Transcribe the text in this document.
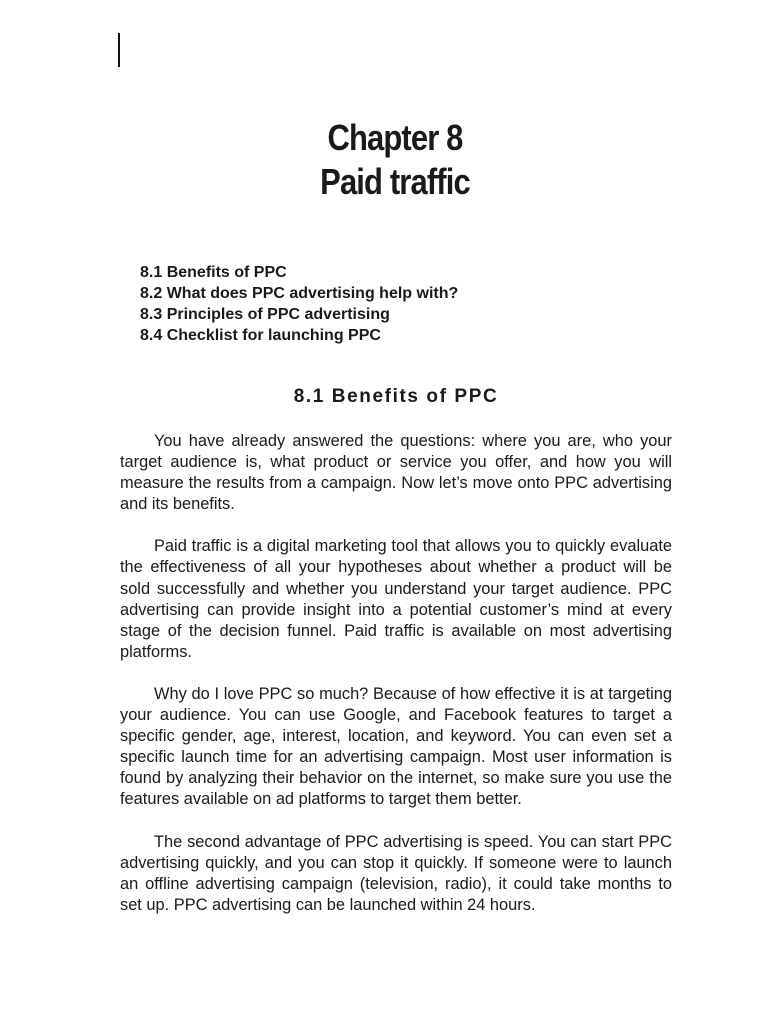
Chapter 8
Paid traffic
8.1 Benefits of PPC
8.2 What does PPC advertising help with?
8.3 Principles of PPC advertising
8.4 Checklist for launching PPC
8.1 Benefits of PPC

You have already answered the questions: where you are, who your target audience is, what product or service you offer, and how you will measure the results from a campaign. Now let’s move onto PPC advertising and its benefits.

Paid traffic is a digital marketing tool that allows you to quickly evaluate the effectiveness of all your hypotheses about whether a product will be sold successfully and whether you understand your target audience. PPC advertising can provide insight into a potential customer’s mind at every stage of the decision funnel. Paid traffic is available on most advertising platforms.

Why do I love PPC so much? Because of how effective it is at targeting your audience. You can use Google, and Facebook features to target a specific gender, age, interest, location, and keyword. You can even set a specific launch time for an advertising campaign. Most user information is found by analyzing their behavior on the internet, so make sure you use the features available on ad platforms to target them better.

The second advantage of PPC advertising is speed. You can start PPC advertising quickly, and you can stop it quickly. If someone were to launch an offline advertising campaign (television, radio), it could take months to set up. PPC advertising can be launched within 24 hours.
